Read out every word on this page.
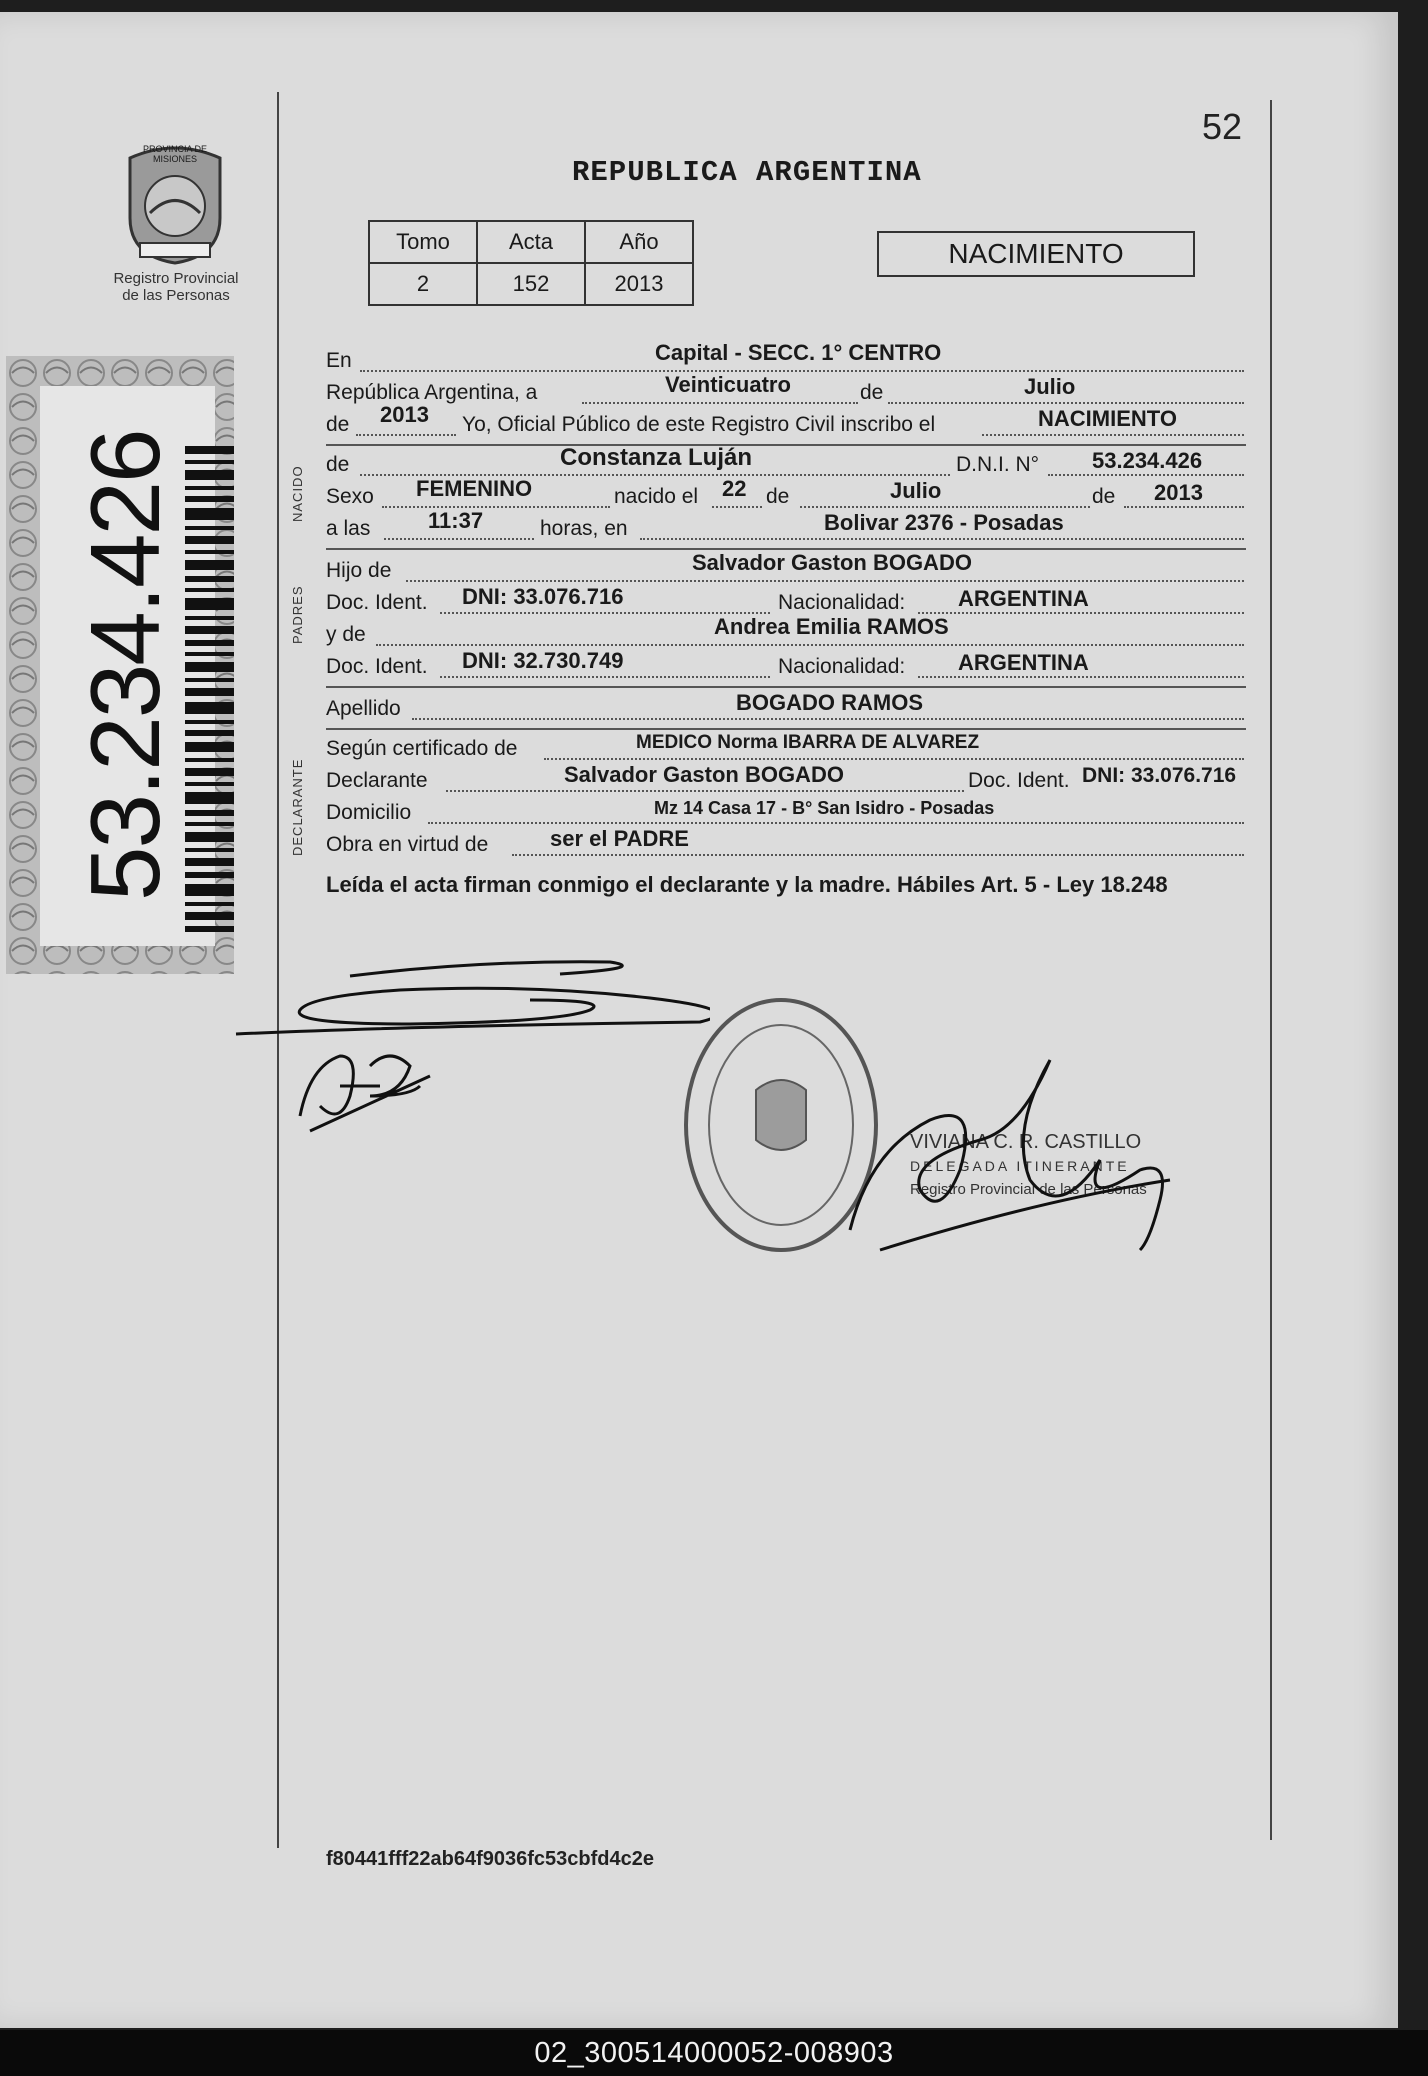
PROVINCIA DE MISIONES
Registro Provincial
de las Personas
53.234.426
52
REPUBLICA ARGENTINA
Tomo	Acta	Año
2	152	2013
NACIMIENTO
NACIDO
PADRES
DECLARANTE
En	Capital - SECC. 1° CENTRO
República Argentina, a	Veinticuatro	de	Julio
de 2013 Yo, Oficial Público de este Registro Civil inscribo el	NACIMIENTO
de	Constanza Luján	D.N.I. N° 53.234.426
Sexo FEMENINO	nacido el 22 de	Julio	de 2013
a las	11:37	horas, en	Bolivar 2376 - Posadas
Hijo de	Salvador Gaston BOGADO
Doc. Ident. DNI: 33.076.716	Nacionalidad: ARGENTINA
y de	Andrea Emilia RAMOS
Doc. Ident. DNI: 32.730.749	Nacionalidad: ARGENTINA
Apellido	BOGADO RAMOS
Según certificado de	MEDICO Norma IBARRA DE ALVAREZ
Declarante	Salvador Gaston BOGADO	Doc. Ident. DNI: 33.076.716
Domicilio	Mz 14 Casa 17 - B° San Isidro - Posadas
Obra en virtud de	ser el PADRE
Leída el acta firman conmigo el declarante y la madre. Hábiles Art. 5 - Ley 18.248
VIVIANA C. R. CASTILLO
DELEGADA ITINERANTE
Registro Provincial de las Personas
f80441fff22ab64f9036fc53cbfd4c2e
02_300514000052-008903
